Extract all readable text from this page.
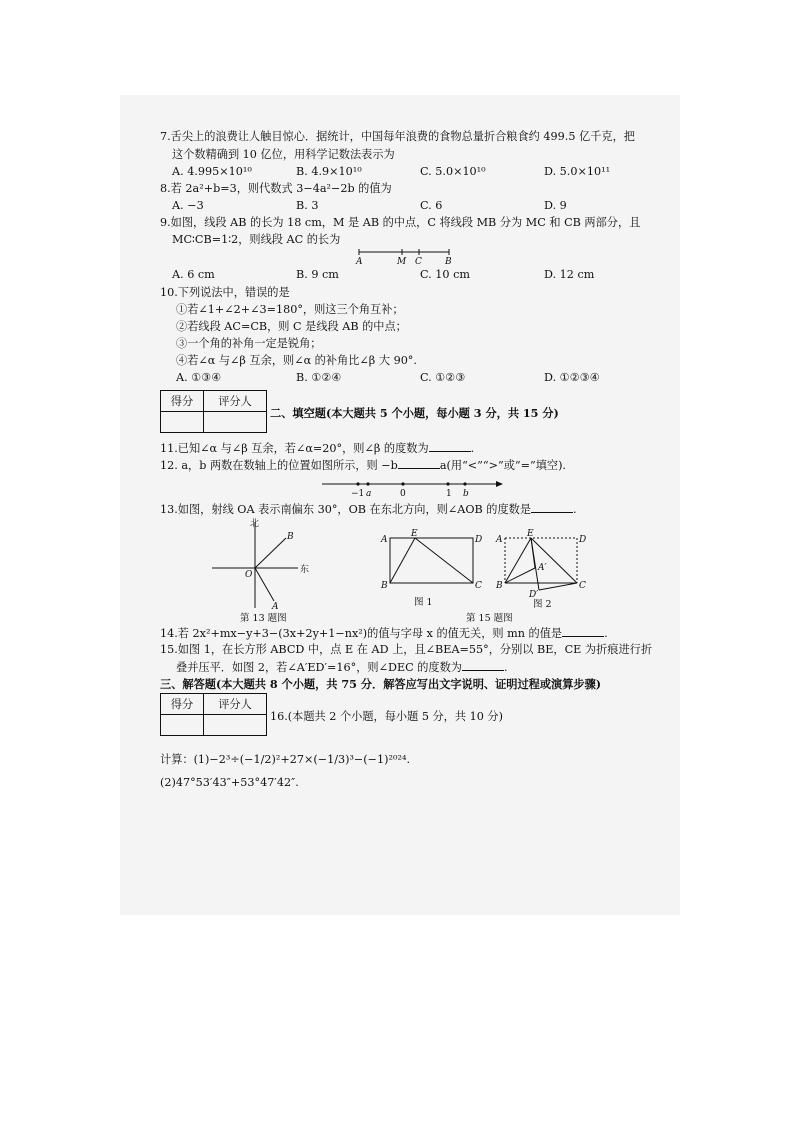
7.舌尖上的浪费让人触目惊心．据统计，中国每年浪费的食物总量折合粮食约 499.5 亿千克，把
这个数精确到 10 亿位，用科学记数法表示为
A. 4.995×10¹⁰	B. 4.9×10¹⁰	C. 5.0×10¹⁰	D. 5.0×10¹¹
8.若 2a²+b=3，则代数式 3−4a²−2b 的值为
A. −3	B. 3	C. 6	D. 9
9.如图，线段 AB 的长为 18 cm，M 是 AB 的中点，C 将线段 MB 分为 MC 和 CB 两部分，且
MC∶CB=1∶2，则线段 AC 的长为
A	M C	B
A. 6 cm	B. 9 cm	C. 10 cm	D. 12 cm
10.下列说法中，错误的是
①若∠1+∠2+∠3=180°，则这三个角互补；
②若线段 AC=CB，则 C 是线段 AB 的中点；
③一个角的补角一定是锐角；
④若∠α 与∠β 互余，则∠α 的补角比∠β 大 90°.
A. ①③④	B. ①②④	C. ①②③	D. ①②③④
得分	评分人

二、填空题(本大题共 5 个小题，每小题 3 分，共 15 分)
11.已知∠α 与∠β 互余，若∠α=20°，则∠β 的度数为	.
12. a，b 两数在数轴上的位置如图所示，则 −b	a(用“<”“>”或“=”填空).
−1 a	0	1 b
13.如图，射线 OA 表示南偏东 30°，OB 在东北方向，则∠AOB 的度数是	.
北
东
O
B
A
第 13 题图
A
E
D
B	C
图 1
A
E
D
A′
B
D′
C
图 2
第 15 题图
14.若 2x²+mx−y+3−(3x+2y+1−nx²)的值与字母 x 的值无关，则 mn 的值是	.
15.如图 1，在长方形 ABCD 中，点 E 在 AD 上，且∠BEA=55°，分别以 BE，CE 为折痕进行折
叠并压平．如图 2，若∠A′ED′=16°，则∠DEC 的度数为	.
三、解答题(本大题共 8 个小题，共 75 分．解答应写出文字说明、证明过程或演算步骤)
得分	评分人

16.(本题共 2 个小题，每小题 5 分，共 10 分)
计算：(1)−2³÷(−1/2)²+27×(−1/3)³−(−1)²⁰²⁴.
(2)47°53′43″+53°47′42″.
